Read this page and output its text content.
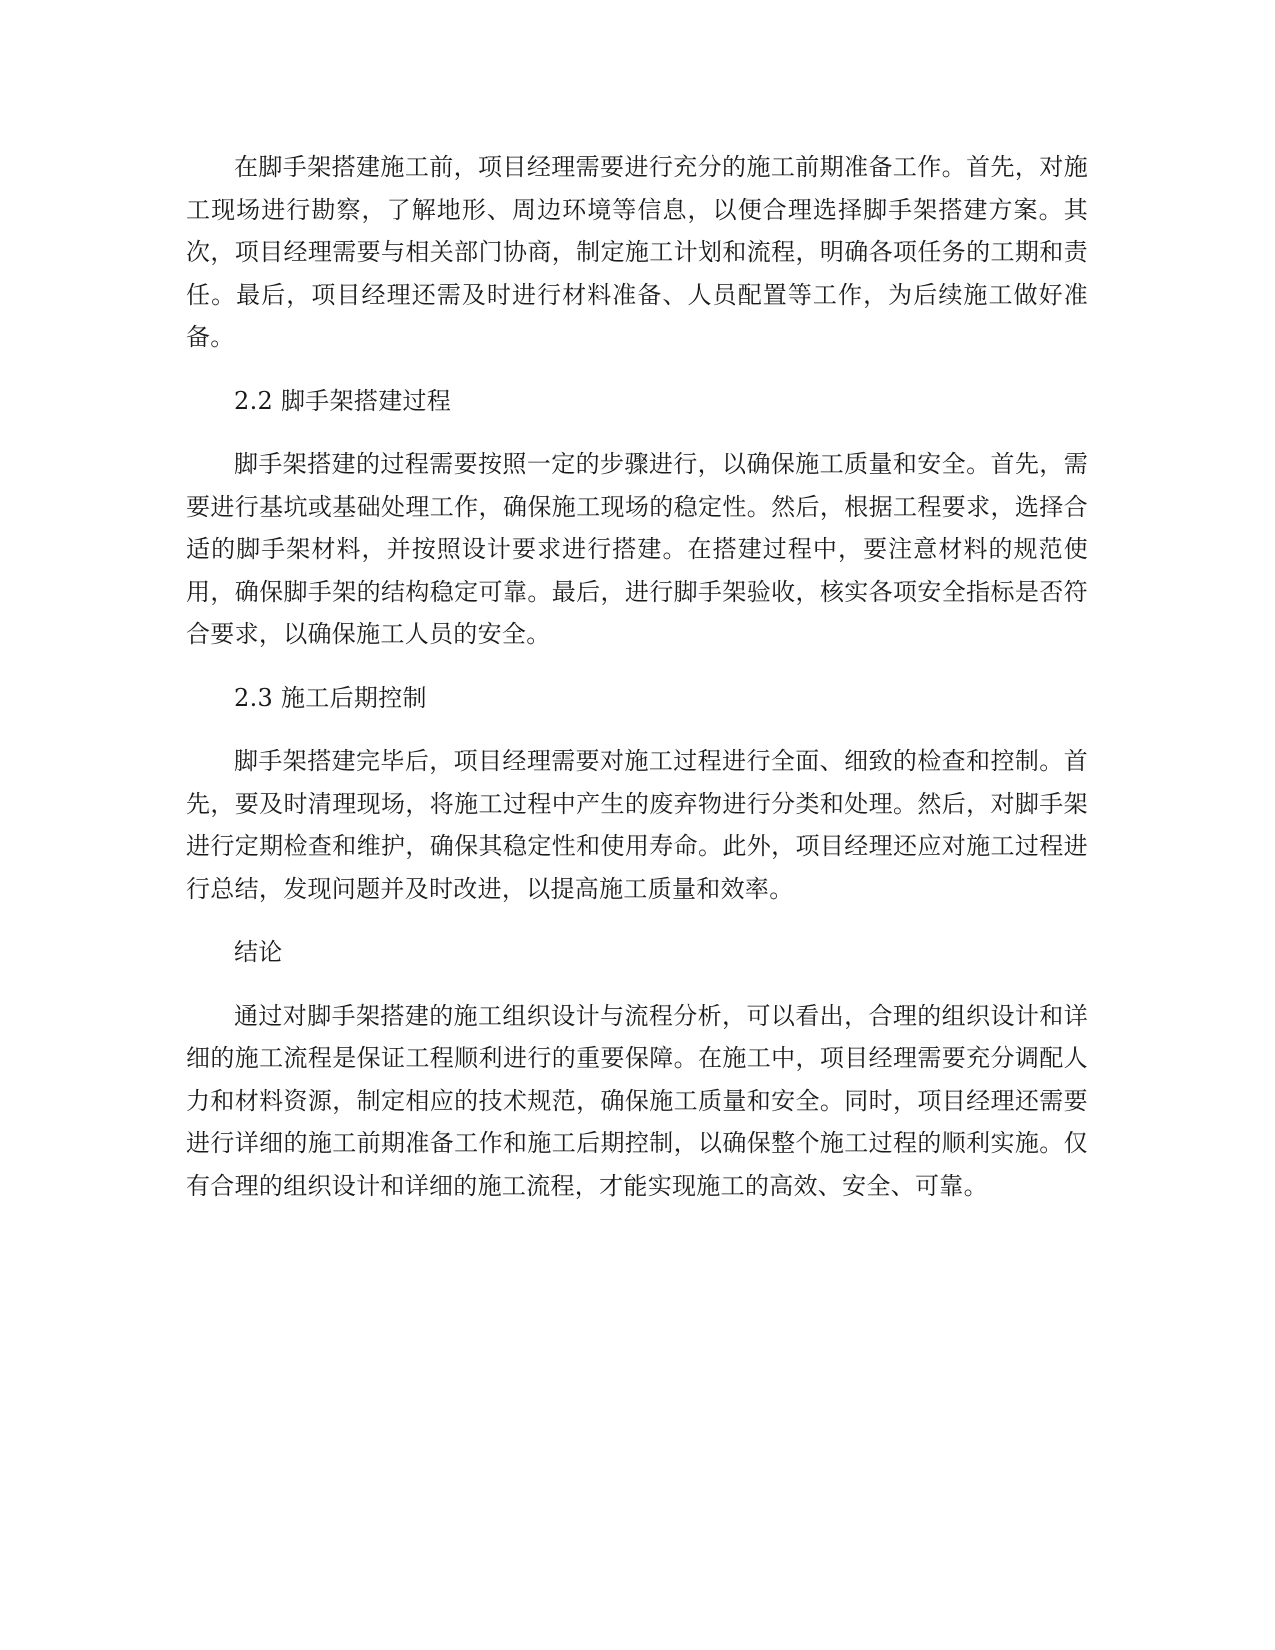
在脚手架搭建施工前，项目经理需要进行充分的施工前期准备工作。首先，对施工现场进行勘察，了解地形、周边环境等信息，以便合理选择脚手架搭建方案。其次，项目经理需要与相关部门协商，制定施工计划和流程，明确各项任务的工期和责任。最后，项目经理还需及时进行材料准备、人员配置等工作，为后续施工做好准备。

2.2 脚手架搭建过程

脚手架搭建的过程需要按照一定的步骤进行，以确保施工质量和安全。首先，需要进行基坑或基础处理工作，确保施工现场的稳定性。然后，根据工程要求，选择合适的脚手架材料，并按照设计要求进行搭建。在搭建过程中，要注意材料的规范使用，确保脚手架的结构稳定可靠。最后，进行脚手架验收，核实各项安全指标是否符合要求，以确保施工人员的安全。

2.3 施工后期控制

脚手架搭建完毕后，项目经理需要对施工过程进行全面、细致的检查和控制。首先，要及时清理现场，将施工过程中产生的废弃物进行分类和处理。然后，对脚手架进行定期检查和维护，确保其稳定性和使用寿命。此外，项目经理还应对施工过程进行总结，发现问题并及时改进，以提高施工质量和效率。

结论

通过对脚手架搭建的施工组织设计与流程分析，可以看出，合理的组织设计和详细的施工流程是保证工程顺利进行的重要保障。在施工中，项目经理需要充分调配人力和材料资源，制定相应的技术规范，确保施工质量和安全。同时，项目经理还需要进行详细的施工前期准备工作和施工后期控制，以确保整个施工过程的顺利实施。仅有合理的组织设计和详细的施工流程，才能实现施工的高效、安全、可靠。
